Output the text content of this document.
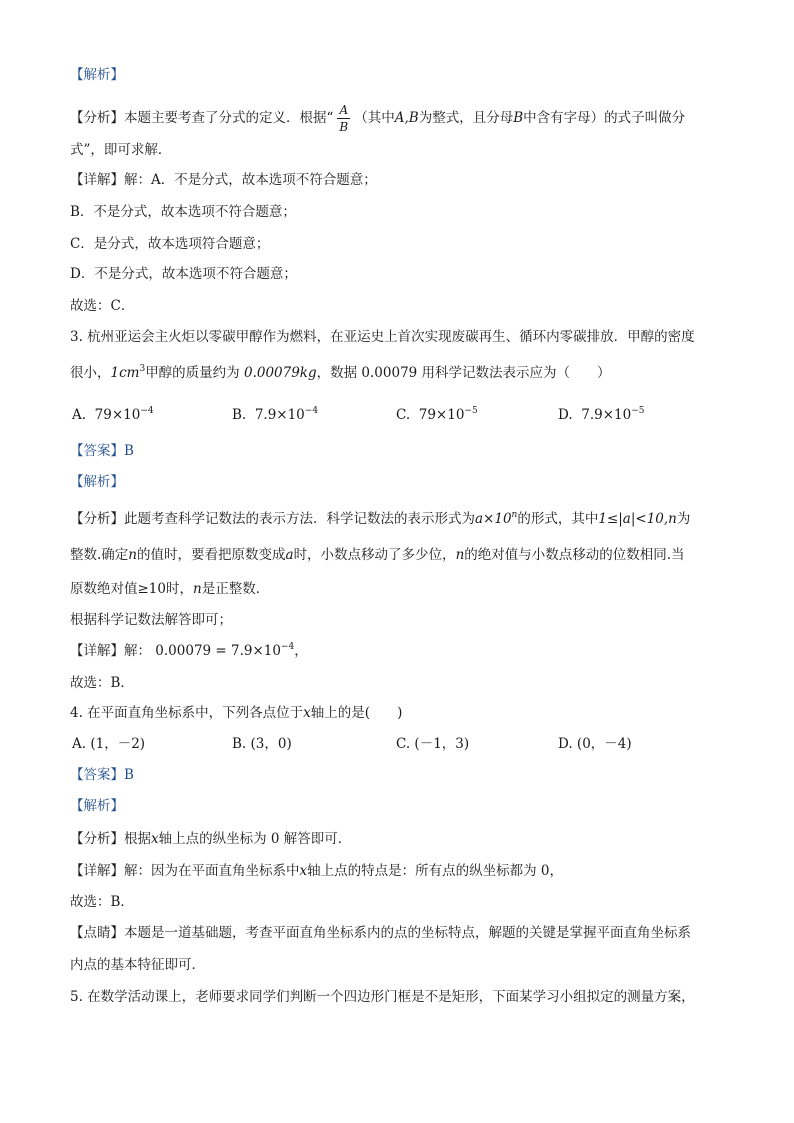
【解析】
【分析】本题主要考查了分式的定义．根据“ $\frac{A}{B}$ （其中A,B为整式，且分母B中含有字母）的式子叫做分
式”，即可求解．
【详解】解：A．不是分式，故本选项不符合题意；
B．不是分式，故本选项不符合题意；
C．是分式，故本选项符合题意；
D．不是分式，故本选项不符合题意；
故选：C．
3. 杭州亚运会主火炬以零碳甲醇作为燃料，在亚运史上首次实现废碳再生、循环内零碳排放．甲醇的密度
很小，$1cm^3$甲醇的质量约为 0.00079kg，数据 0.00079 用科学记数法表示应为（　　）
A. $79\times 10^{-4}$	B. $7.9\times 10^{-4}$	C. $79\times 10^{-5}$	D. $7.9\times 10^{-5}$
【答案】B
【解析】
【分析】此题考查科学记数法的表示方法．科学记数法的表示形式为$a\times 10^n$的形式，其中1≤|a|<10,n为
整数.确定n的值时，要看把原数变成a时，小数点移动了多少位，n的绝对值与小数点移动的位数相同.当
原数绝对值≥10时，n是正整数．
根据科学记数法解答即可；
【详解】解： $0.00079 = 7.9\times 10^{-4}$，
故选：B．
4. 在平面直角坐标系中，下列各点位于x轴上的是(　　)
A. (1，－2)	B. (3，0)	C. (－1，3)	D. (0，－4)
【答案】B
【解析】
【分析】根据x轴上点的纵坐标为 0 解答即可．
【详解】解：因为在平面直角坐标系中x轴上点的特点是：所有点的纵坐标都为 0，
故选：B．
【点睛】本题是一道基础题，考查平面直角坐标系内的点的坐标特点，解题的关键是掌握平面直角坐标系
内点的基本特征即可．
5. 在数学活动课上，老师要求同学们判断一个四边形门框是不是矩形，下面某学习小组拟定的测量方案，
